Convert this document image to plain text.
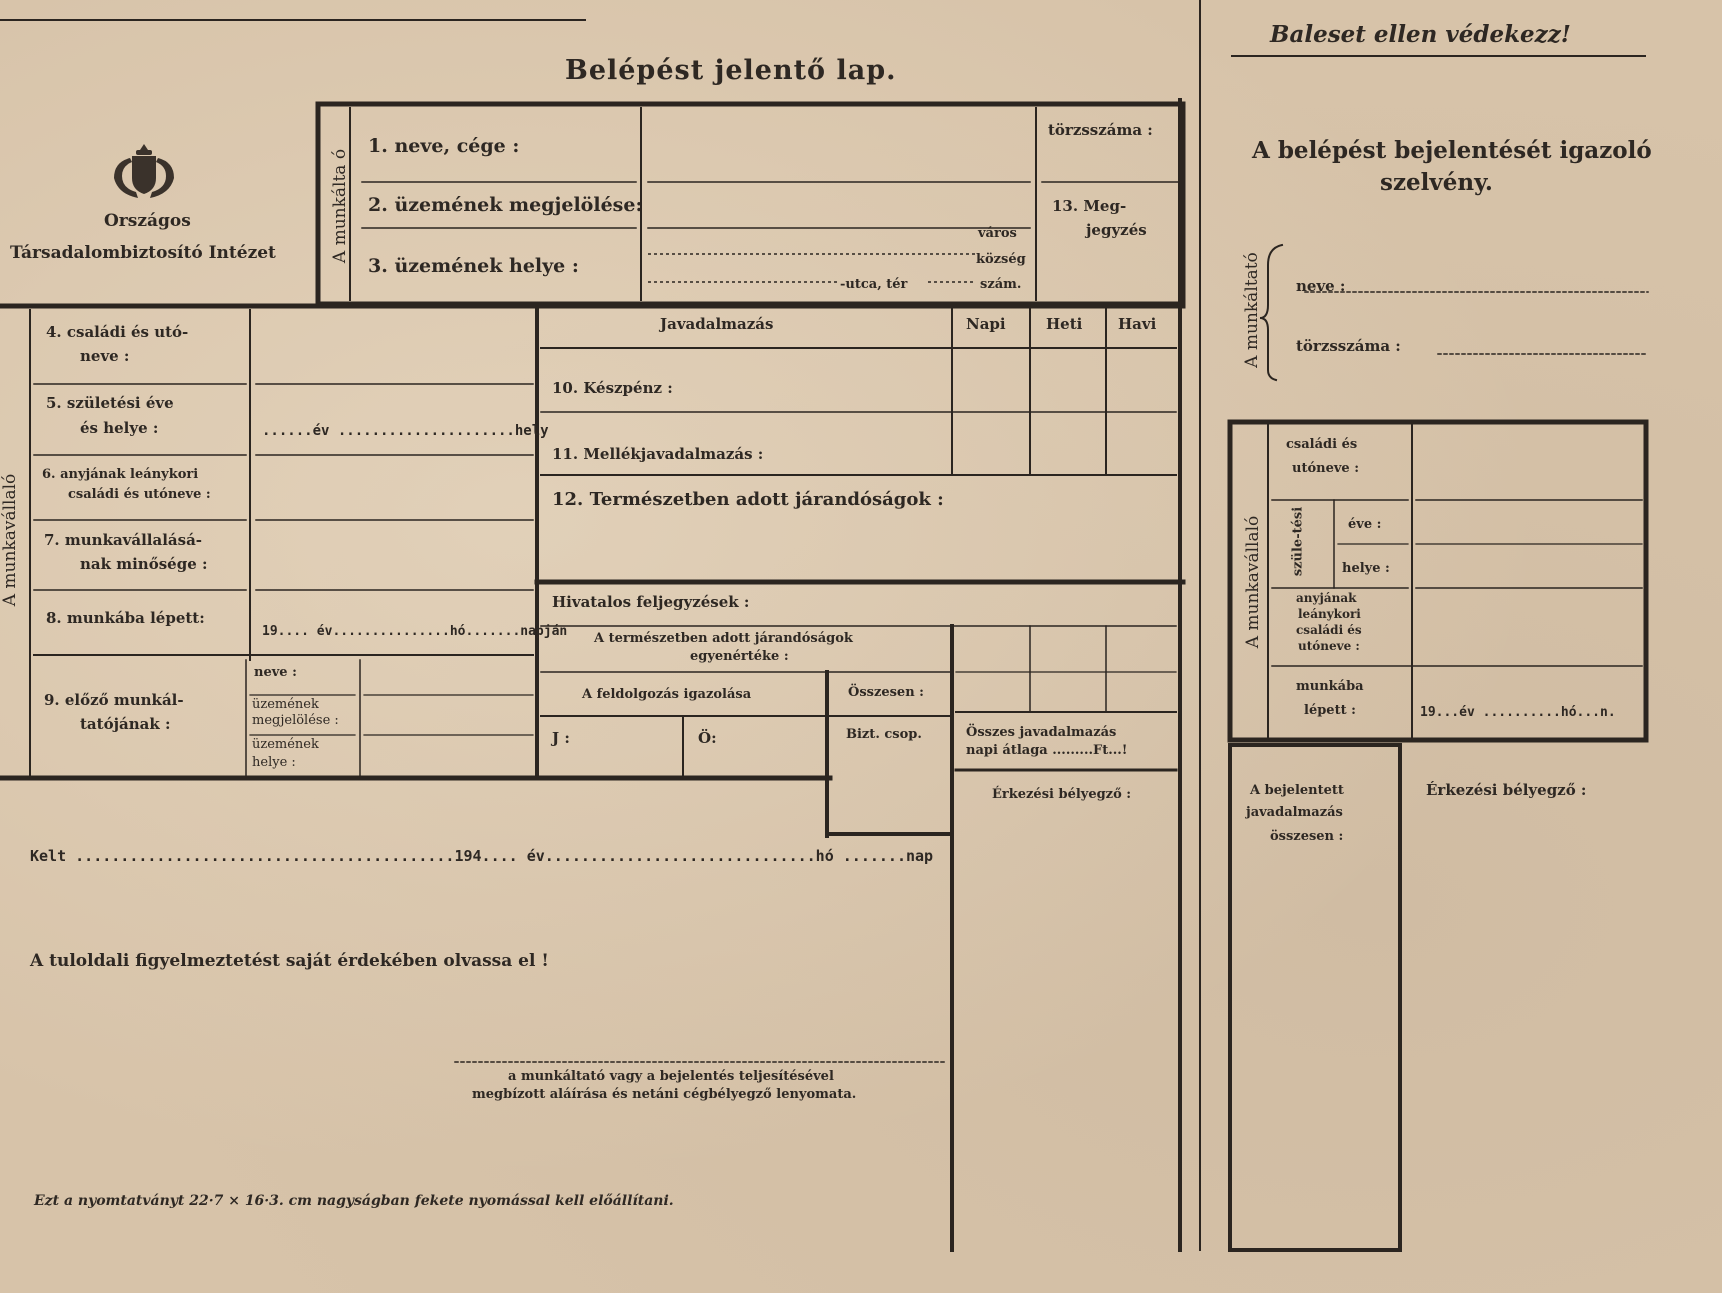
Belépést jelentő lap.
Országos
Társadalombiztosító Intézet	A munkálta ó
1. neve, cége :
2. üzemének megjelölése:
3. üzemének helye :
város
község
-utca, tér	szám.
törzsszáma :
13. Meg-
jegyzés
A munkavállaló
4. családi és utó-
neve :
5. születési éve
és helye :	......év .....................hely
6. anyjának leánykori
családi és utóneve :
7. munkavállalásá-
nak minősége :
8. munkába lépett:
19.... év...............hó.......napján
9. előző munkál-
tatójának :
neve :
üzemének
megjelölése :
üzemének
helye :
Javadalmazás	Napi	Heti Havi
10. Készpénz :
11. Mellékjavadalmazás :
12. Természetben adott járandóságok :
Hivatalos feljegyzések :
A természetben adott járandóságok
egyenértéke :
A feldolgozás igazolása	Összesen :
J :	Ö:	Bizt. csop.	Összes javadalmazás
napi átlaga .........Ft...!
Érkezési bélyegző :
Kelt ..........................................194.... év..............................hó .......nap
A tuloldali figyelmeztetést saját érdekében olvassa el !
a munkáltató vagy a bejelentés teljesítésével
megbízott aláírása és netáni cégbélyegző lenyomata.
Ezt a nyomtatványt 22·7 × 16·3. cm nagyságban fekete nyomással kell előállítani.
Baleset ellen védekezz!
A belépést bejelentését igazoló
szelvény.
A munkáltató neve :
törzsszáma :
A munkavállaló
családi és
utóneve :
szüle-tési	éve :
helye :
anyjának
leánykori
családi és
utóneve :
munkába
lépett :	19...év ..........hó...n.
A bejelentett
javadalmazás
összesen :
Érkezési bélyegző :
